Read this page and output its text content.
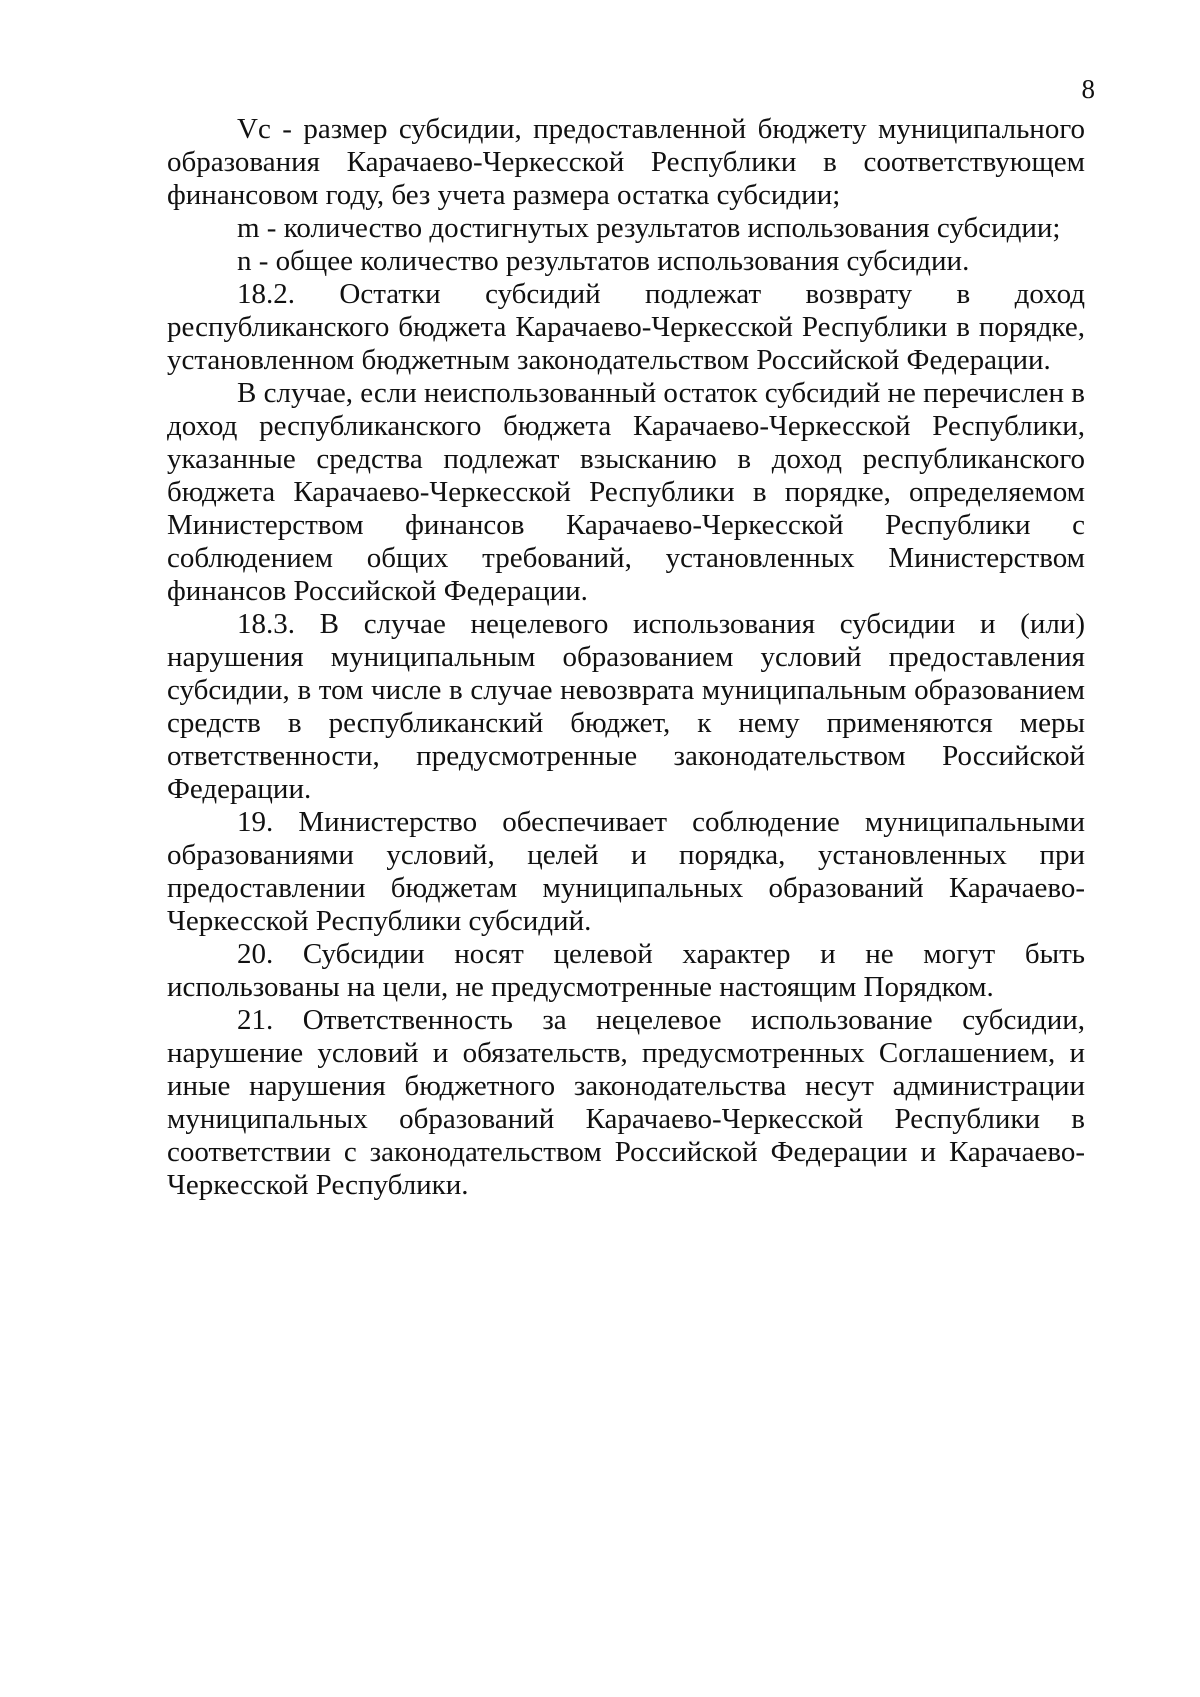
8

Vc - размер субсидии, предоставленной бюджету муниципального образования Карачаево-Черкесской Республики в соответствующем финансовом году, без учета размера остатка субсидии;

m - количество достигнутых результатов использования субсидии;

n - общее количество результатов использования субсидии.

18.2. Остатки субсидий подлежат возврату в доход республиканского бюджета Карачаево-Черкесской Республики в порядке, установленном бюджетным законодательством Российской Федерации.

В случае, если неиспользованный остаток субсидий не перечислен в доход республиканского бюджета Карачаево-Черкесской Республики, указанные средства подлежат взысканию в доход республиканского бюджета Карачаево-Черкесской Республики в порядке, определяемом Министерством финансов Карачаево-Черкесской Республики с соблюдением общих требований, установленных Министерством финансов Российской Федерации.

18.3. В случае нецелевого использования субсидии и (или) нарушения муниципальным образованием условий предоставления субсидии, в том числе в случае невозврата муниципальным образованием средств в республиканский бюджет, к нему применяются меры ответственности, предусмотренные законодательством Российской Федерации.

19. Министерство обеспечивает соблюдение муниципальными образованиями условий, целей и порядка, установленных при предоставлении бюджетам муниципальных образований Карачаево- Черкесской Республики субсидий.

20. Субсидии носят целевой характер и не могут быть использованы на цели, не предусмотренные настоящим Порядком.

21. Ответственность за нецелевое использование субсидии, нарушение условий и обязательств, предусмотренных Соглашением, и иные нарушения бюджетного законодательства несут администрации муниципальных образований Карачаево-Черкесской Республики в соответствии с законодательством Российской Федерации и Карачаево-Черкесской Республики.
